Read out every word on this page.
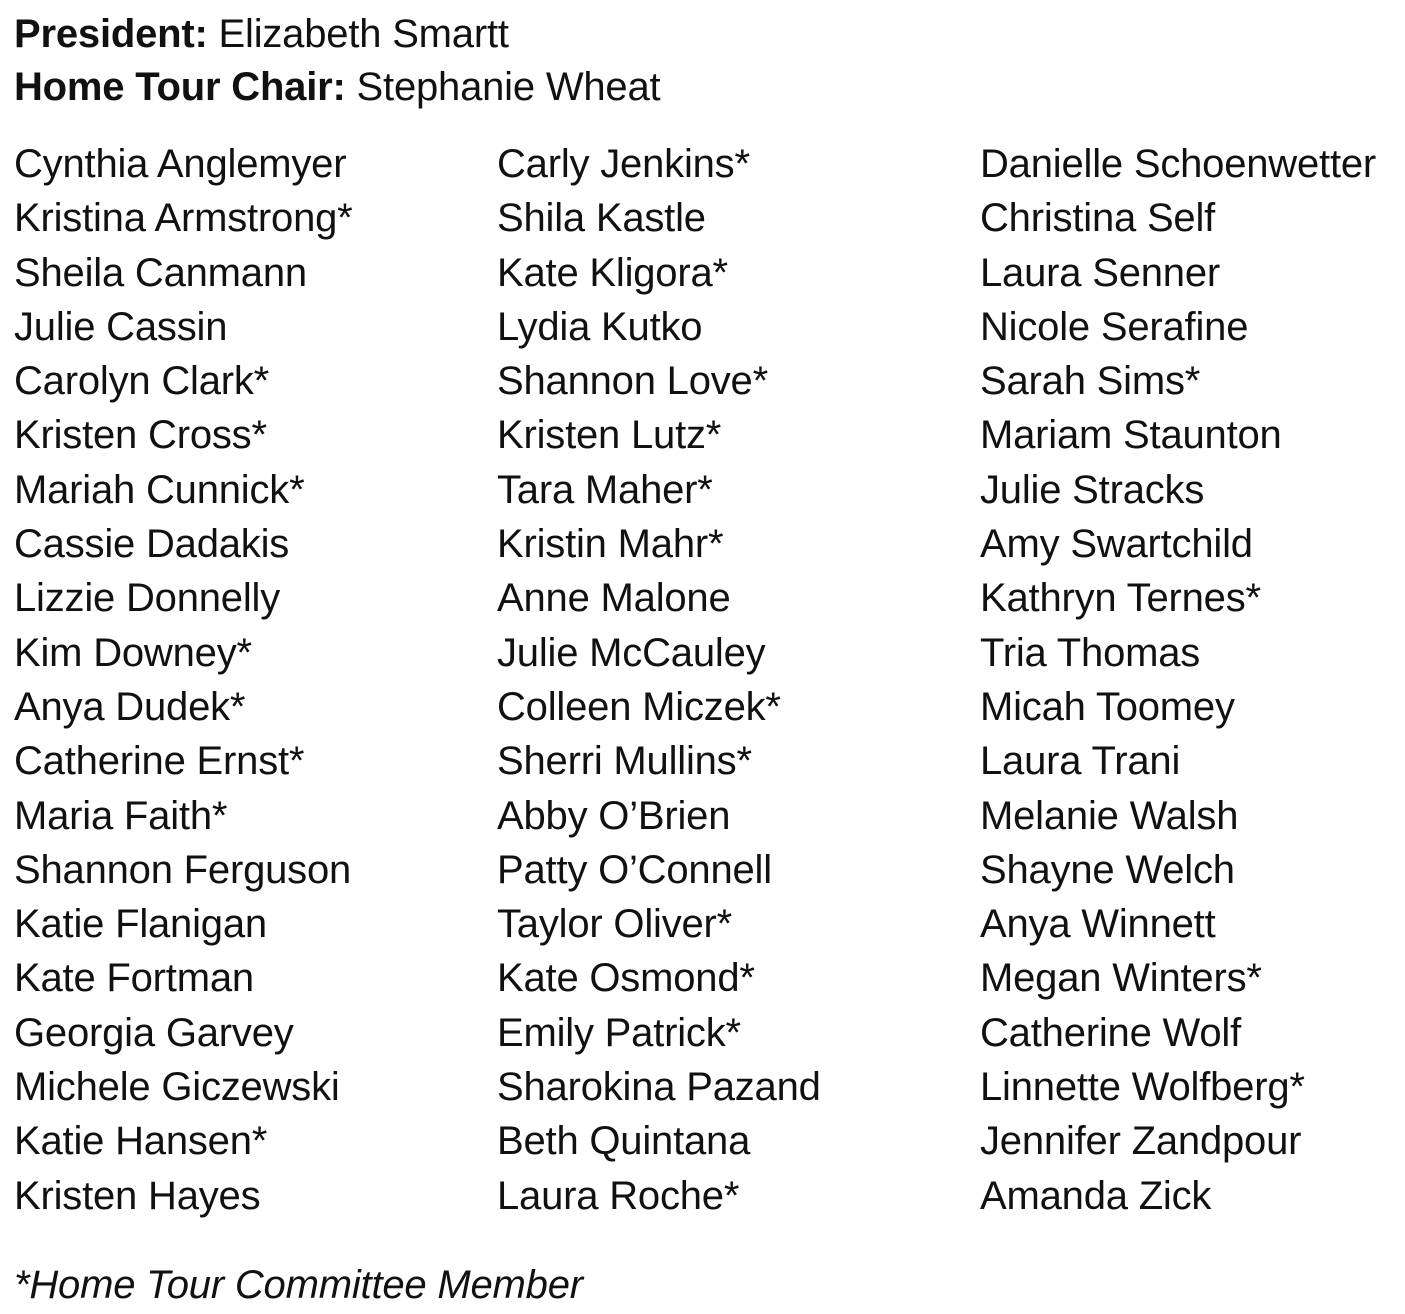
President: Elizabeth Smartt
Home Tour Chair: Stephanie Wheat
Cynthia Anglemyer
Kristina Armstrong*
Sheila Canmann
Julie Cassin
Carolyn Clark*
Kristen Cross*
Mariah Cunnick*
Cassie Dadakis
Lizzie Donnelly
Kim Downey*
Anya Dudek*
Catherine Ernst*
Maria Faith*
Shannon Ferguson
Katie Flanigan
Kate Fortman
Georgia Garvey
Michele Giczewski
Katie Hansen*
Kristen Hayes
Carly Jenkins*
Shila Kastle
Kate Kligora*
Lydia Kutko
Shannon Love*
Kristen Lutz*
Tara Maher*
Kristin Mahr*
Anne Malone
Julie McCauley
Colleen Miczek*
Sherri Mullins*
Abby O’Brien
Patty O’Connell
Taylor Oliver*
Kate Osmond*
Emily Patrick*
Sharokina Pazand
Beth Quintana
Laura Roche*
Danielle Schoenwetter
Christina Self
Laura Senner
Nicole Serafine
Sarah Sims*
Mariam Staunton
Julie Stracks
Amy Swartchild
Kathryn Ternes*
Tria Thomas
Micah Toomey
Laura Trani
Melanie Walsh
Shayne Welch
Anya Winnett
Megan Winters*
Catherine Wolf
Linnette Wolfberg*
Jennifer Zandpour
Amanda Zick
*Home Tour Committee Member
